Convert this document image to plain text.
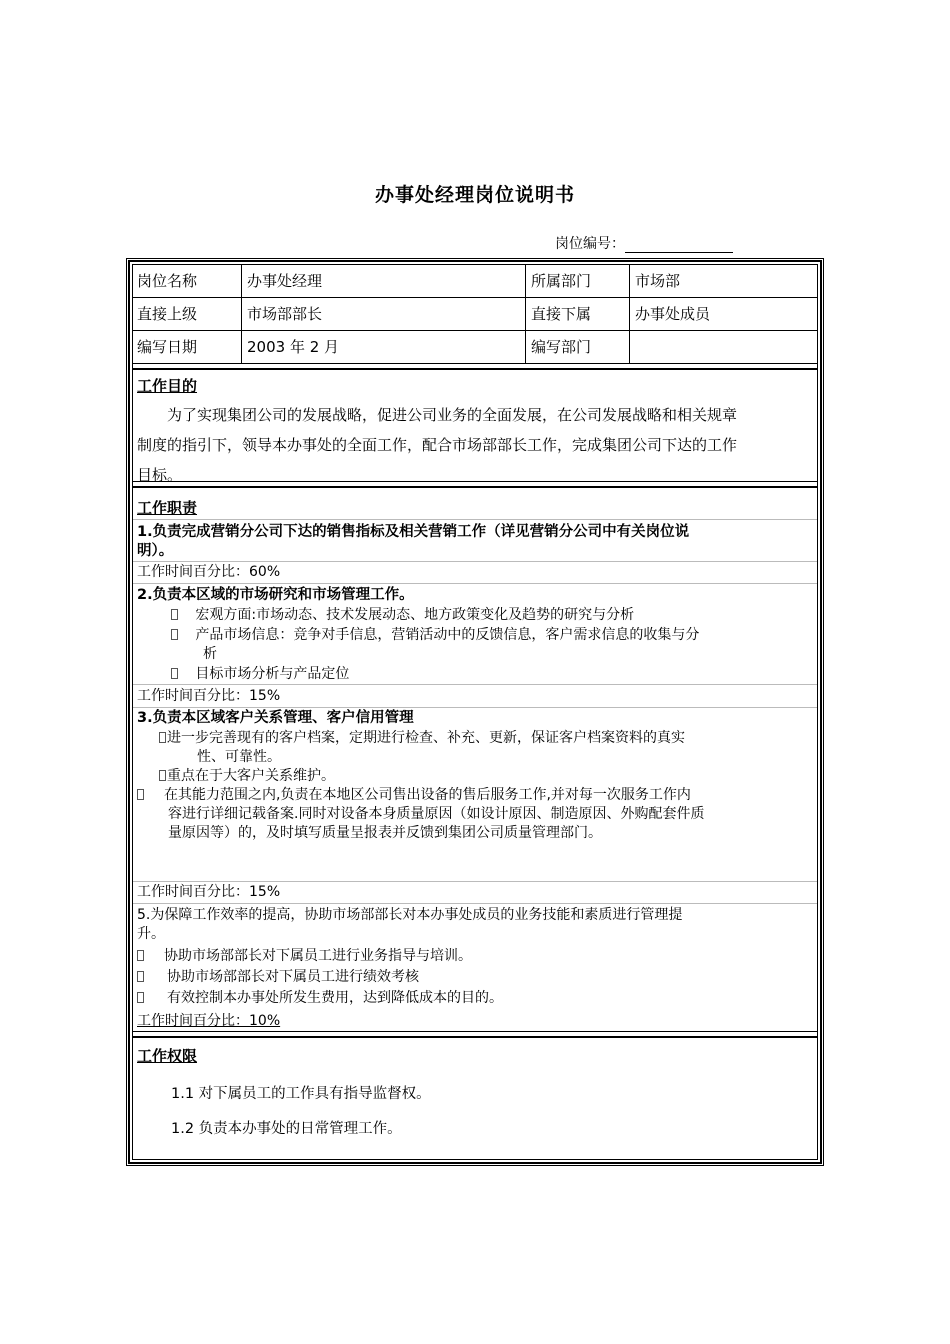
办事处经理岗位说明书
岗位编号：
岗位名称	办事处经理	所属部门	市场部
直接上级	市场部部长	直接下属	办事处成员
编写日期	2003 年 2 月	编写部门
工作目的
为了实现集团公司的发展战略，促进公司业务的全面发展，在公司发展战略和相关规章
制度的指引下，领导本办事处的全面工作，配合市场部部长工作，完成集团公司下达的工作
目标。
工作职责
1.负责完成营销分公司下达的销售指标及相关营销工作（详见营销分公司中有关岗位说
明）。
工作时间百分比：60%
2.负责本区域的市场研究和市场管理工作。
宏观方面:市场动态、技术发展动态、地方政策变化及趋势的研究与分析
产品市场信息：竞争对手信息，营销活动中的反馈信息，客户需求信息的收集与分
析
目标市场分析与产品定位
工作时间百分比：15%
3.负责本区域客户关系管理、客户信用管理
进一步完善现有的客户档案，定期进行检查、补充、更新，保证客户档案资料的真实
性、可靠性。
重点在于大客户关系维护。
在其能力范围之内,负责在本地区公司售出设备的售后服务工作,并对每一次服务工作内
容进行详细记载备案.同时对设备本身质量原因（如设计原因、制造原因、外购配套件质
量原因等）的，及时填写质量呈报表并反馈到集团公司质量管理部门。
工作时间百分比：15%
5.为保障工作效率的提高，协助市场部部长对本办事处成员的业务技能和素质进行管理提
升。
协助市场部部长对下属员工进行业务指导与培训。
协助市场部部长对下属员工进行绩效考核
有效控制本办事处所发生费用，达到降低成本的目的。
工作时间百分比：10%
工作权限
1.1 对下属员工的工作具有指导监督权。
1.2 负责本办事处的日常管理工作。
